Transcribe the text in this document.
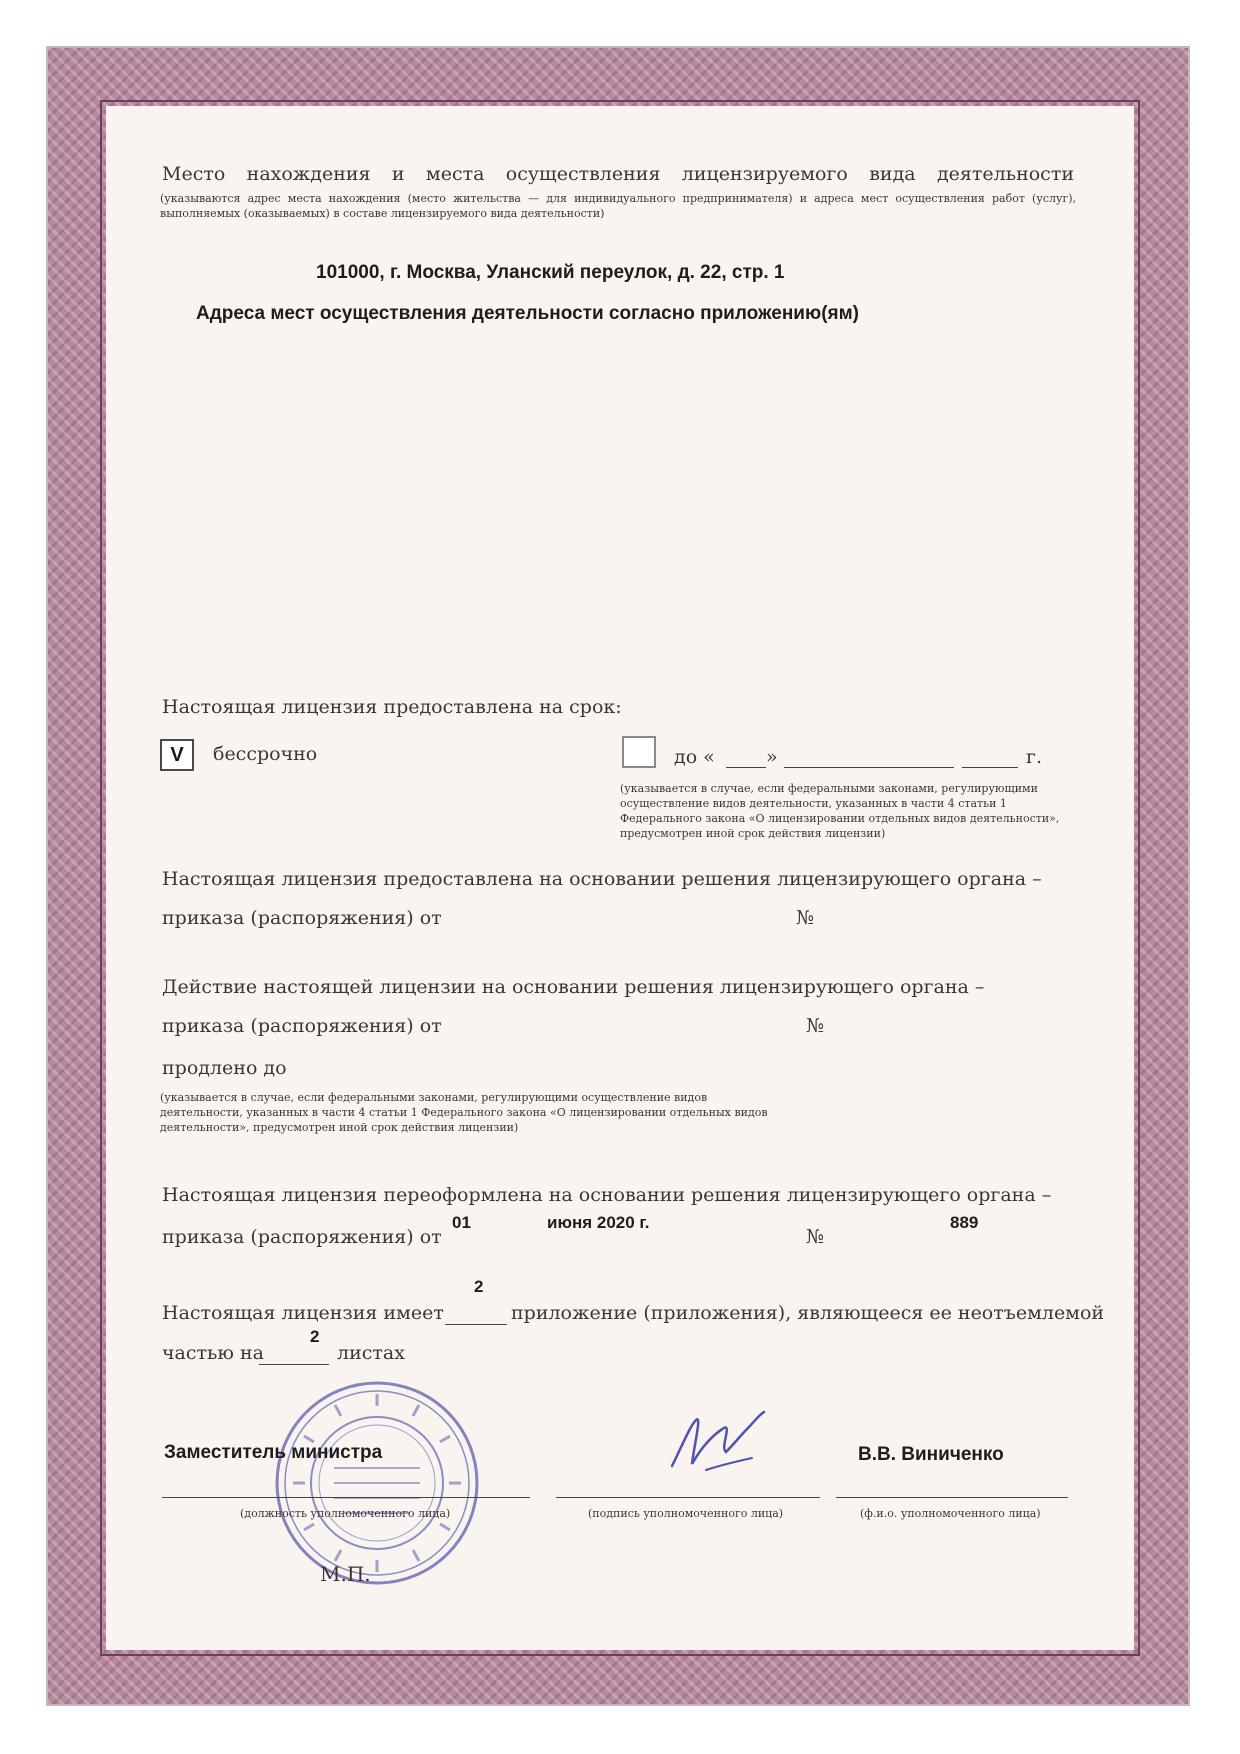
Место нахождения и места осуществления лицензируемого вида деятельности
(указываются адрес места нахождения (место жительства — для индивидуального предпринимателя) и адреса мест осуществления работ (услуг), выполняемых (оказываемых) в составе лицензируемого вида деятельности)
101000, г. Москва, Уланский переулок, д. 22, стр. 1
Адреса мест осуществления деятельности согласно приложению(ям)
Настоящая лицензия предоставлена на срок:
V бессрочно	до «	»	г.
(указывается в случае, если федеральными законами, регулирующими осуществление видов деятельности, указанных в части 4 статьи 1 Федерального закона «О лицензировании отдельных видов деятельности», предусмотрен иной срок действия лицензии)
Настоящая лицензия предоставлена на основании решения лицензирующего органа –
приказа (распоряжения) от	№
Действие настоящей лицензии на основании решения лицензирующего органа –
приказа (распоряжения) от	№
продлено до
(указывается в случае, если федеральными законами, регулирующими осуществление видов деятельности, указанных в части 4 статьи 1 Федерального закона «О лицензировании отдельных видов деятельности», предусмотрен иной срок действия лицензии)
Настоящая лицензия переоформлена на основании решения лицензирующего органа –
приказа (распоряжения) от
01	июня 2020 г.
№
889
2
Настоящая лицензия имеет	приложение (приложения), являющееся ее неотъемлемой
частью на
2
листах
Заместитель министра	В.В. Виниченко
(должность уполномоченного лица)	(подпись уполномоченного лица)	(ф.и.о. уполномоченного лица)
М.П.
